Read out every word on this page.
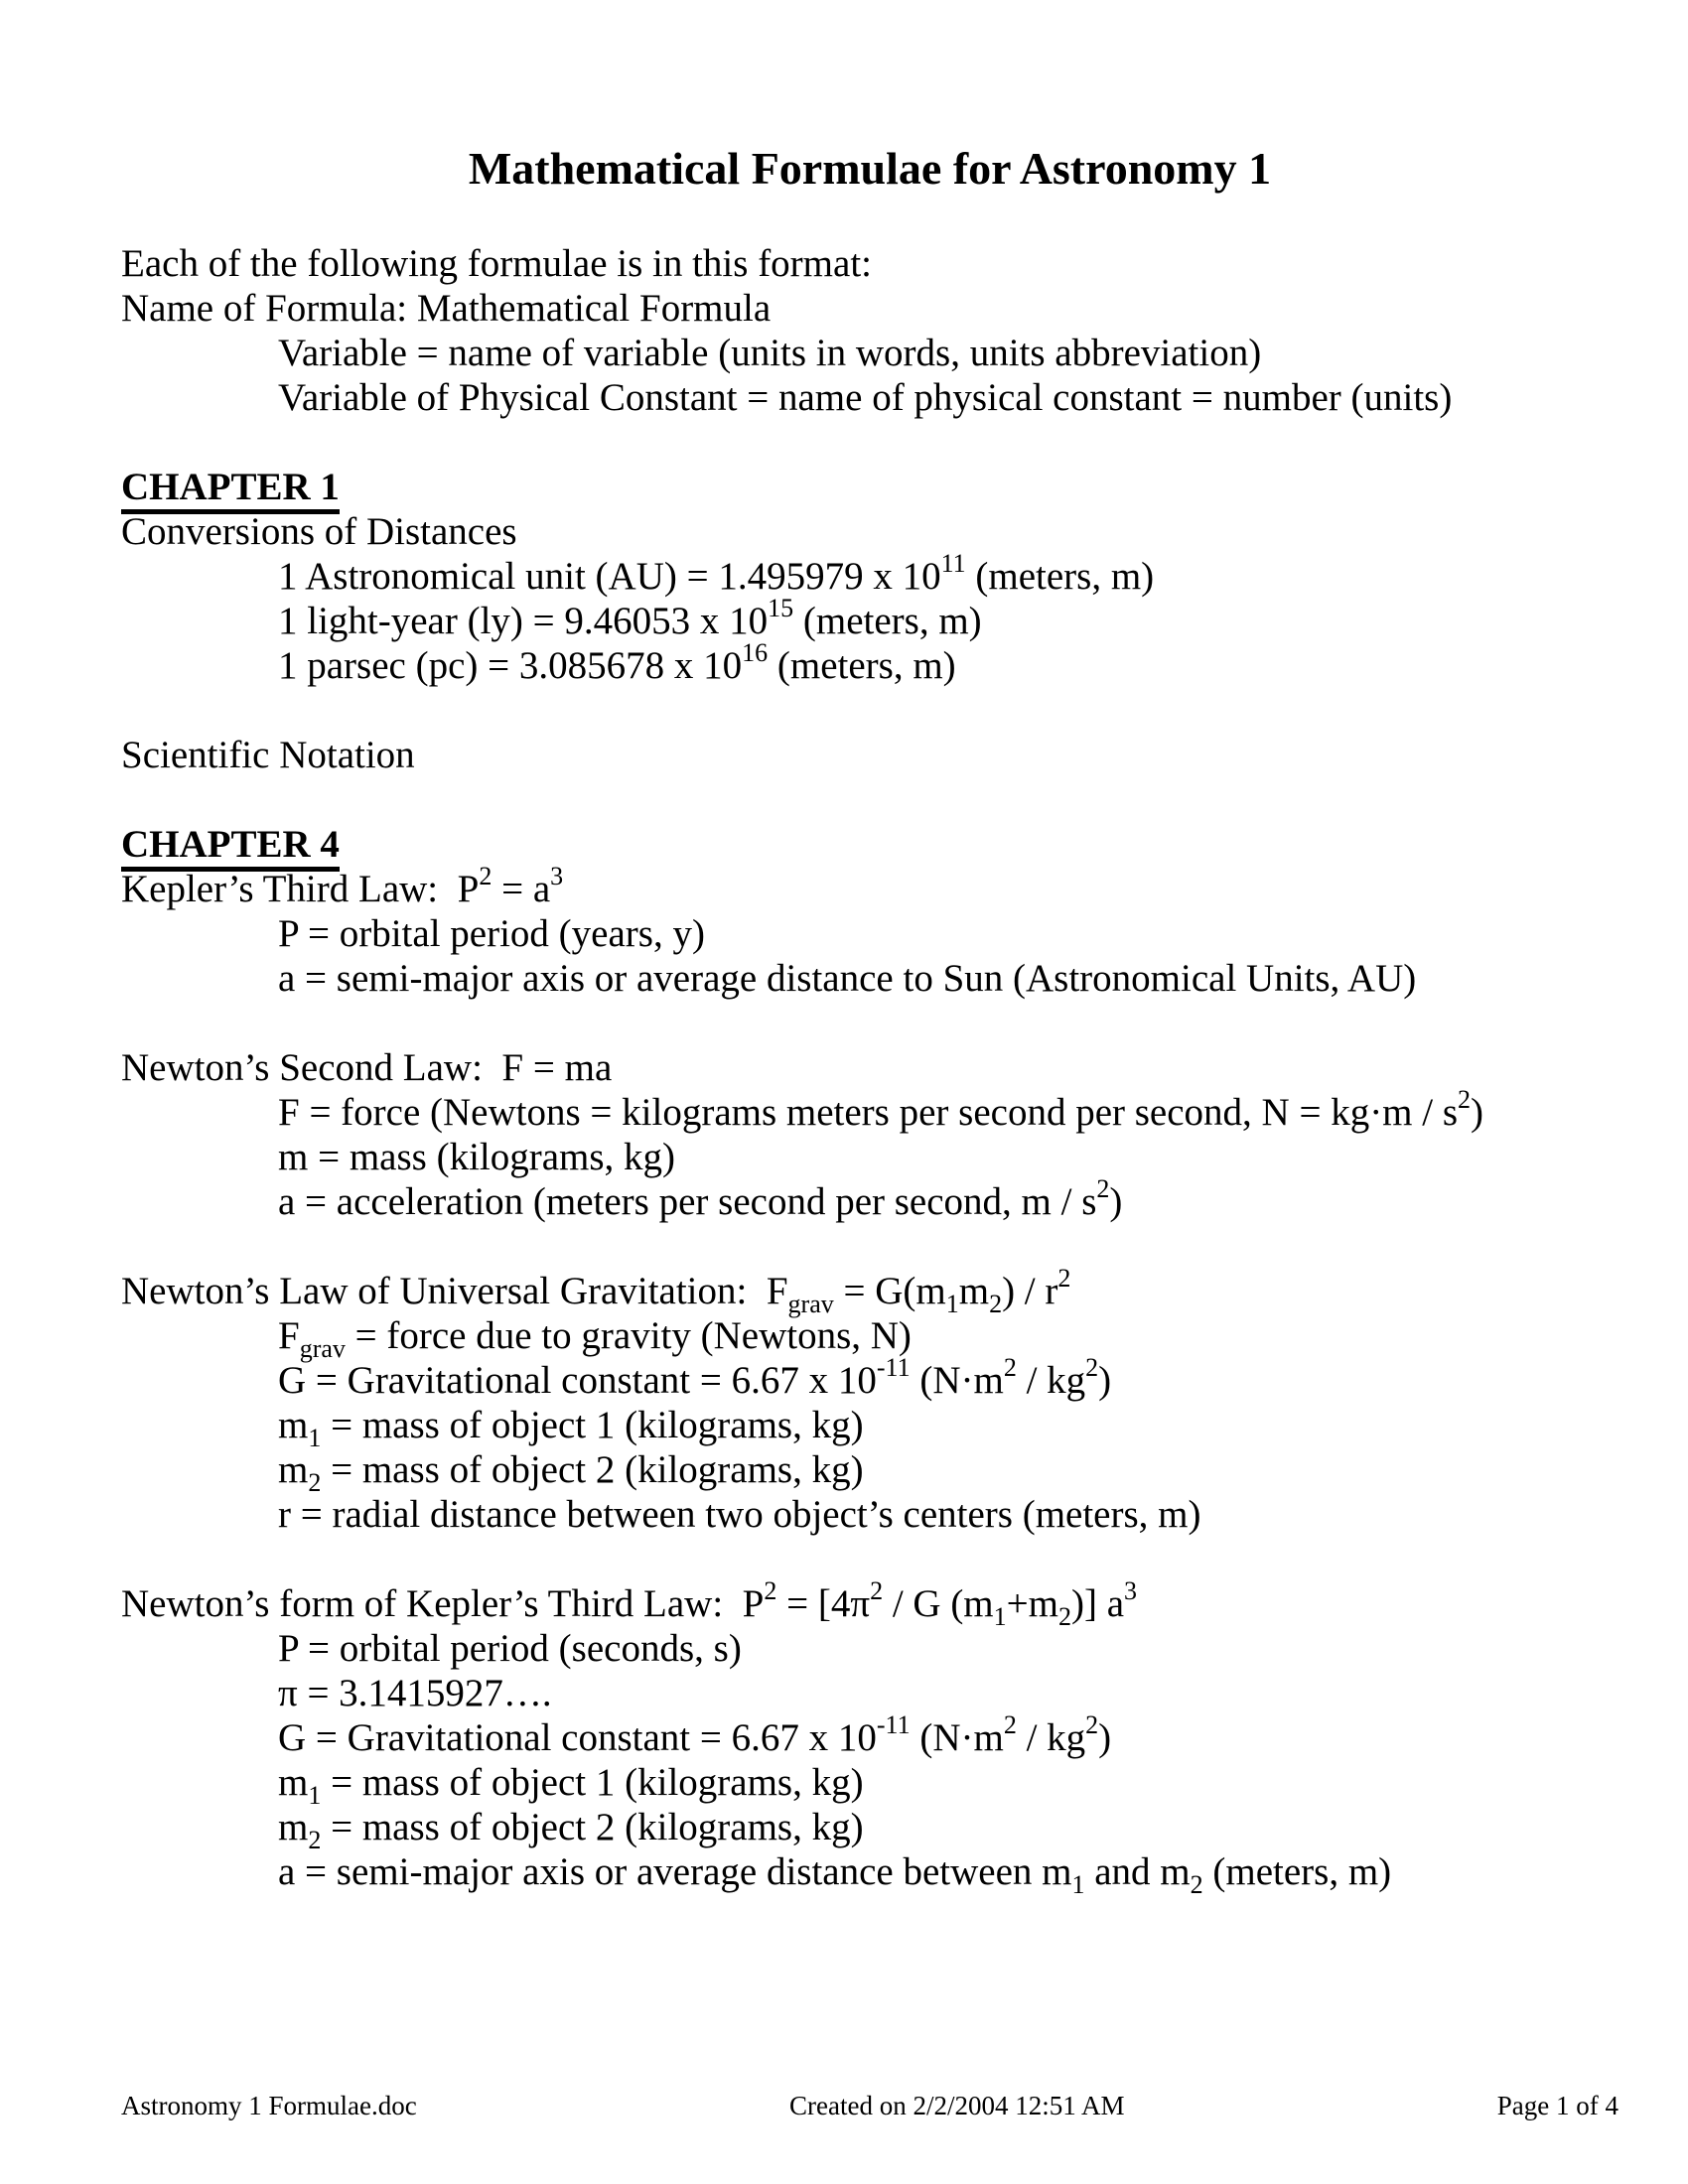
Mathematical Formulae for Astronomy 1
Each of the following formulae is in this format:
Name of Formula: Mathematical Formula
Variable = name of variable (units in words, units abbreviation)
Variable of Physical Constant = name of physical constant = number (units)
CHAPTER 1
Conversions of Distances
1 Astronomical unit (AU) = 1.495979 x $10^{11}$ (meters, m)
1 light-year (ly) = 9.46053 x $10^{15}$ (meters, m)
1 parsec (pc) = 3.085678 x $10^{16}$ (meters, m)
Scientific Notation
CHAPTER 4
Kepler’s Third Law:  $P^2 = a^3$
P = orbital period (years, y)
a = semi-major axis or average distance to Sun (Astronomical Units, AU)
Newton’s Second Law:  F = ma
F = force (Newtons = kilograms meters per second per second, $N = kg\cdot m / s^2$)
m = mass (kilograms, kg)
a = acceleration (meters per second per second, m / $s^2$)
Newton’s Law of Universal Gravitation:  $F_{grav} = G(m_1m_2) / r^2$
$F_{grav}$ = force due to gravity (Newtons, N)
G = Gravitational constant = 6.67 x $10^{-11}$ $(N\cdot m^2 / kg^2)$
$m_1$ = mass of object 1 (kilograms, kg)
$m_2$ = mass of object 2 (kilograms, kg)
r = radial distance between two object’s centers (meters, m)
Newton’s form of Kepler’s Third Law:  $P^2 = [4\pi^2 / G$ $(m_1+m_2)$] $a^3$
P = orbital period (seconds, s)
π = 3.1415927….
G = Gravitational constant = 6.67 x $10^{-11}$ $(N\cdot m^2 / kg^2)$
$m_1$ = mass of object 1 (kilograms, kg)
$m_2$ = mass of object 2 (kilograms, kg)
a = semi-major axis or average distance between $m_1$ and $m_2$ (meters, m)
Astronomy 1 Formulae.doc	Created on 2/2/2004 12:51 AM	Page 1 of 4
